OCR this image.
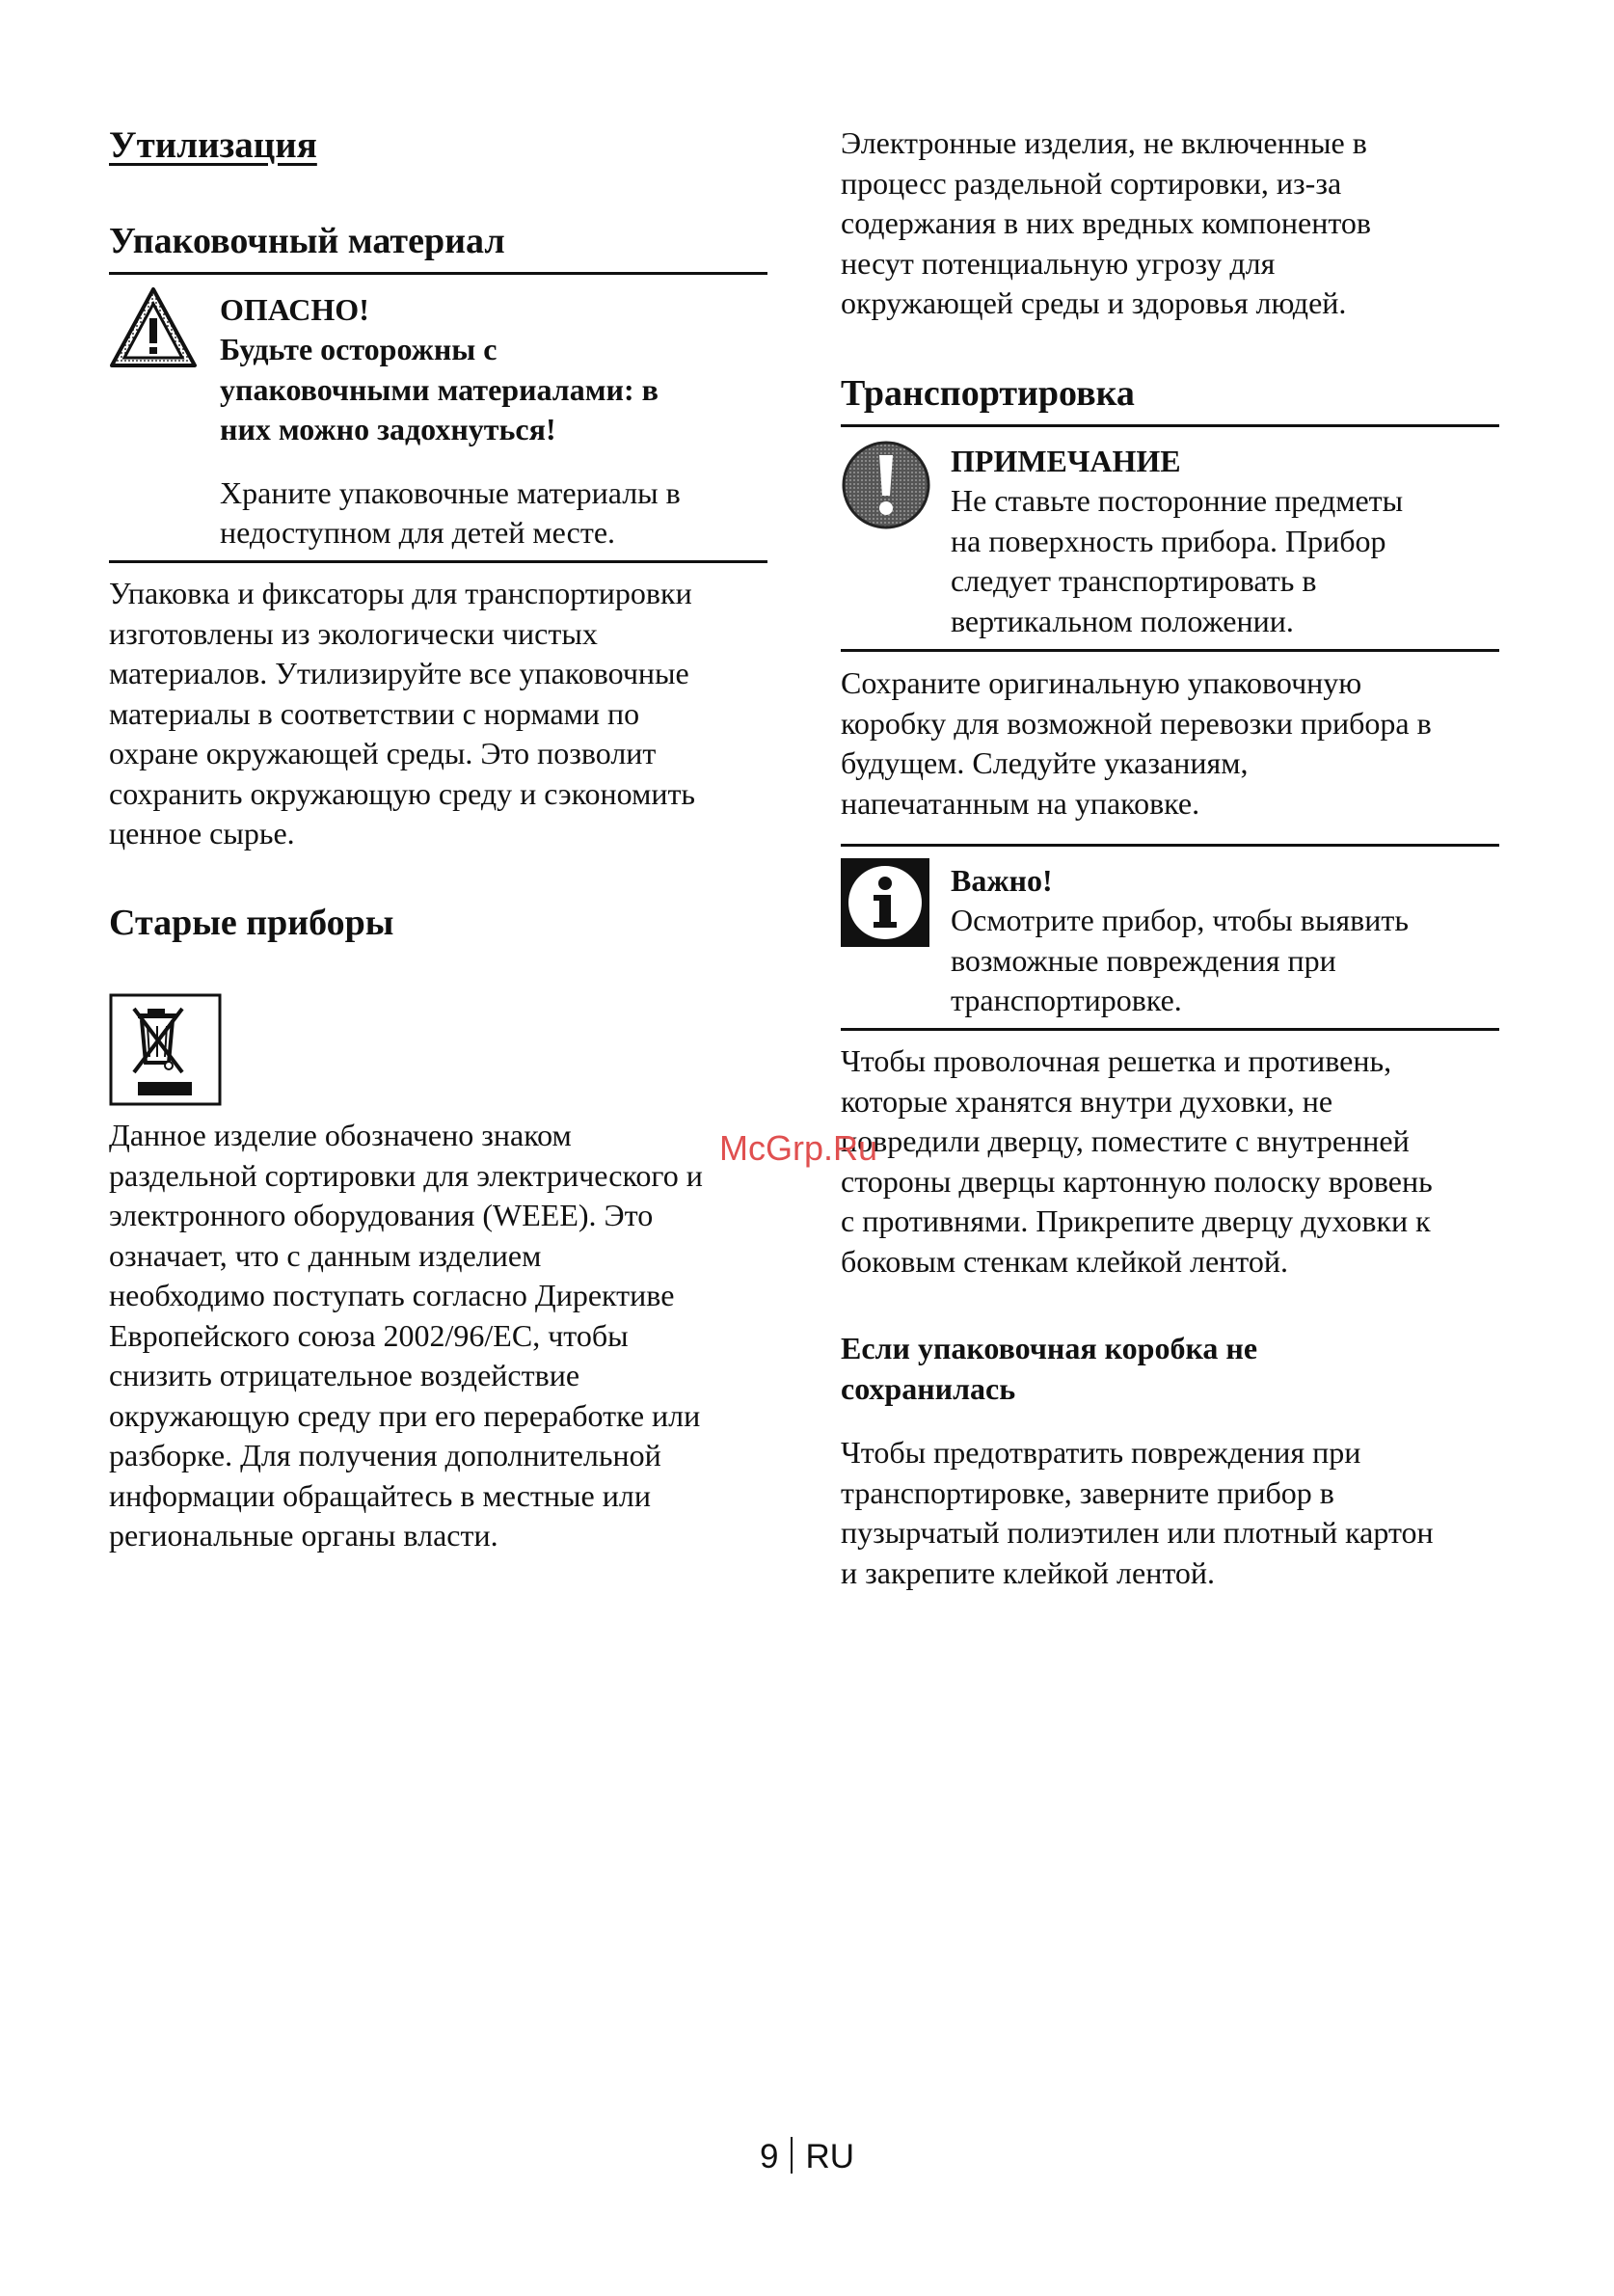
Утилизация
Упаковочный материал
ОПАСНО!
Будьте осторожны с
упаковочными материалами: в
них можно задохнуться!
Храните упаковочные материалы в
недоступном для детей месте.
Упаковка и фиксаторы для транспортировки
изготовлены из экологически чистых
материалов. Утилизируйте все упаковочные
материалы в соответствии с нормами по
охране окружающей среды. Это позволит
сохранить окружающую среду и сэкономить
ценное сырье.
Старые приборы
Данное изделие обозначено знаком
раздельной сортировки для электрического и
электронного оборудования (WEEE). Это
означает, что с данным изделием
необходимо поступать согласно Директиве
Европейского союза 2002/96/EC, чтобы
снизить отрицательное воздействие
окружающую среду при его переработке или
разборке. Для получения дополнительной
информации обращайтесь в местные или
региональные органы власти.
Электронные изделия, не включенные в
процесс раздельной сортировки, из-за
содержания в них вредных компонентов
несут потенциальную угрозу для
окружающей среды и здоровья людей.
Транспортировка
ПРИМЕЧАНИЕ
Не ставьте посторонние предметы
на поверхность прибора. Прибор
следует транспортировать в
вертикальном положении.
Сохраните оригинальную упаковочную
коробку для возможной перевозки прибора в
будущем. Следуйте указаниям,
напечатанным на упаковке.
Важно!
Осмотрите прибор, чтобы выявить
возможные повреждения при
транспортировке.
Чтобы проволочная решетка и противень,
которые хранятся внутри духовки, не
повредили дверцу, поместите с внутренней
стороны дверцы картонную полоску вровень
с противнями. Прикрепите дверцу духовки к
боковым стенкам клейкой лентой.
Если упаковочная коробка не
сохранилась
Чтобы предотвратить повреждения при
транспортировке, заверните прибор в
пузырчатый полиэтилен или плотный картон
и закрепите клейкой лентой.
McGrp.Ru
9 RU
